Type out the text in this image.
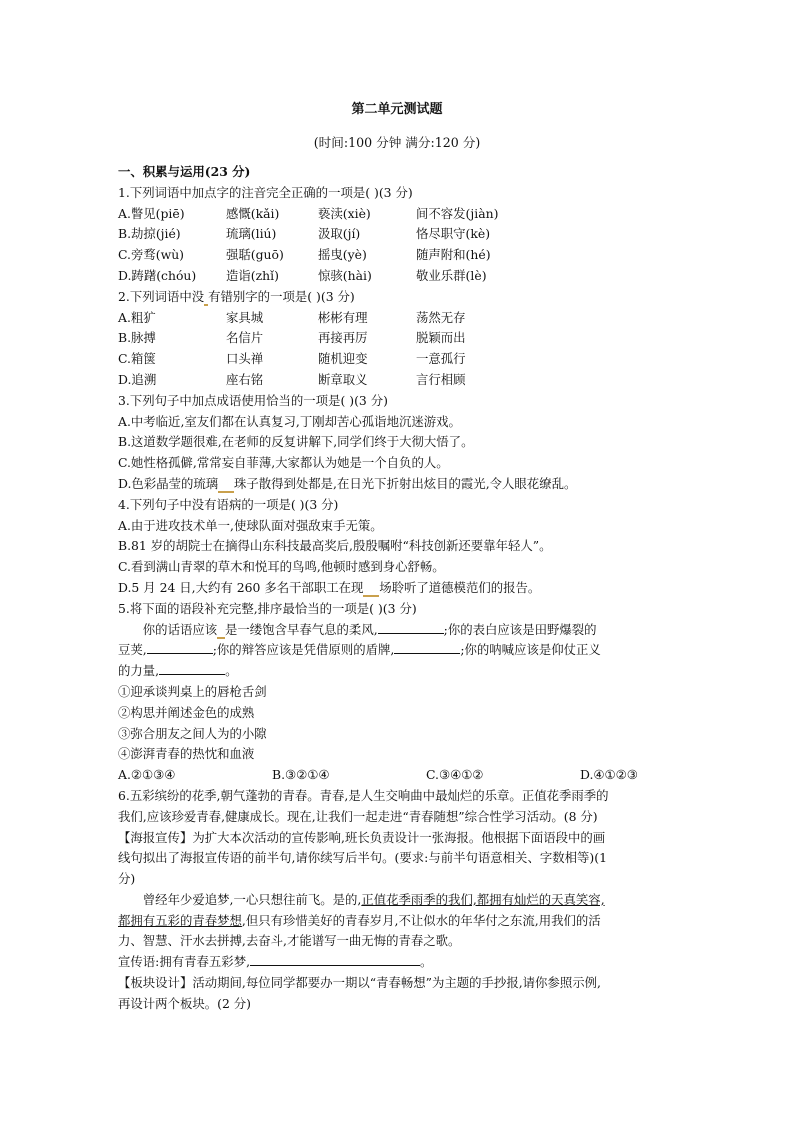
第二单元测试题
(时间:100 分钟 满分:120 分)
一、积累与运用(23 分)
1.下列词语中加点字的注音完全正确的一项是( )(3 分)
A.瞥见(piē)	感慨(kǎi)	亵渎(xiè)	间不容发(jiàn)
B.劫掠(jié)	琉璃(liú)	汲取(jí)	恪尽职守(kè)
C.旁骛(wù)	强聒(guō)	摇曳(yè)	随声附和(hé)
D.踌躇(chóu)	造诣(zhǐ)	惊骇(hài)	敬业乐群(lè)
2.下列词语中没 有错别字的一项是( )(3 分)
A.粗犷	家具城	彬彬有理	荡然无存
B.脉搏	名信片	再接再厉	脱颖而出
C.箱箧	口头禅	随机迎变	一意孤行
D.追溯	座右铭	断章取义	言行相顾
3.下列句子中加点成语使用恰当的一项是( )(3 分)
A.中考临近,室友们都在认真复习,丁刚却苦心孤诣地沉迷游戏。
B.这道数学题很难,在老师的反复讲解下,同学们终于大彻大悟了。
C.她性格孤僻,常常妄自菲薄,大家都认为她是一个自负的人。
D.色彩晶莹的琉璃 珠子散得到处都是,在日光下折射出炫目的霞光,令人眼花缭乱。
4.下列句子中没有语病的一项是( )(3 分)
A.由于进攻技术单一,使球队面对强敌束手无策。
B.81 岁的胡院士在摘得山东科技最高奖后,殷殷嘱咐“科技创新还要靠年轻人”。
C.看到满山青翠的草木和悦耳的鸟鸣,他顿时感到身心舒畅。
D.5 月 24 日,大约有 260 多名干部职工在现 场聆听了道德模范们的报告。
5.将下面的语段补充完整,排序最恰当的一项是( )(3 分)
你的话语应该 是一缕饱含早春气息的柔风,	;你的表白应该是田野爆裂的
豆荚,	;你的辩答应该是凭借原则的盾牌,	;你的呐喊应该是仰仗正义
的力量,	。
①迎承谈判桌上的唇枪舌剑
②构思并阐述金色的成熟
③弥合朋友之间人为的小隙
④澎湃青春的热忱和血液
A.②①③④	B.③②①④	C.③④①②	D.④①②③
6.五彩缤纷的花季,朝气蓬勃的青春。青春,是人生交响曲中最灿烂的乐章。正值花季雨季的
我们,应该珍爱青春,健康成长。现在,让我们一起走进“青春随想”综合性学习活动。(8 分)
【海报宣传】为扩大本次活动的宣传影响,班长负责设计一张海报。他根据下面语段中的画
线句拟出了海报宣传语的前半句,请你续写后半句。(要求:与前半句语意相关、字数相等)(1
分)
曾经年少爱追梦,一心只想往前飞。是的,正值花季雨季的我们,都拥有灿烂的天真笑容,
都拥有五彩的青春梦想,但只有珍惜美好的青春岁月,不让似水的年华付之东流,用我们的活
力、智慧、汗水去拼搏,去奋斗,才能谱写一曲无悔的青春之歌。
宣传语:拥有青春五彩梦,	。
【板块设计】活动期间,每位同学都要办一期以“青春畅想”为主题的手抄报,请你参照示例,
再设计两个板块。(2 分)
